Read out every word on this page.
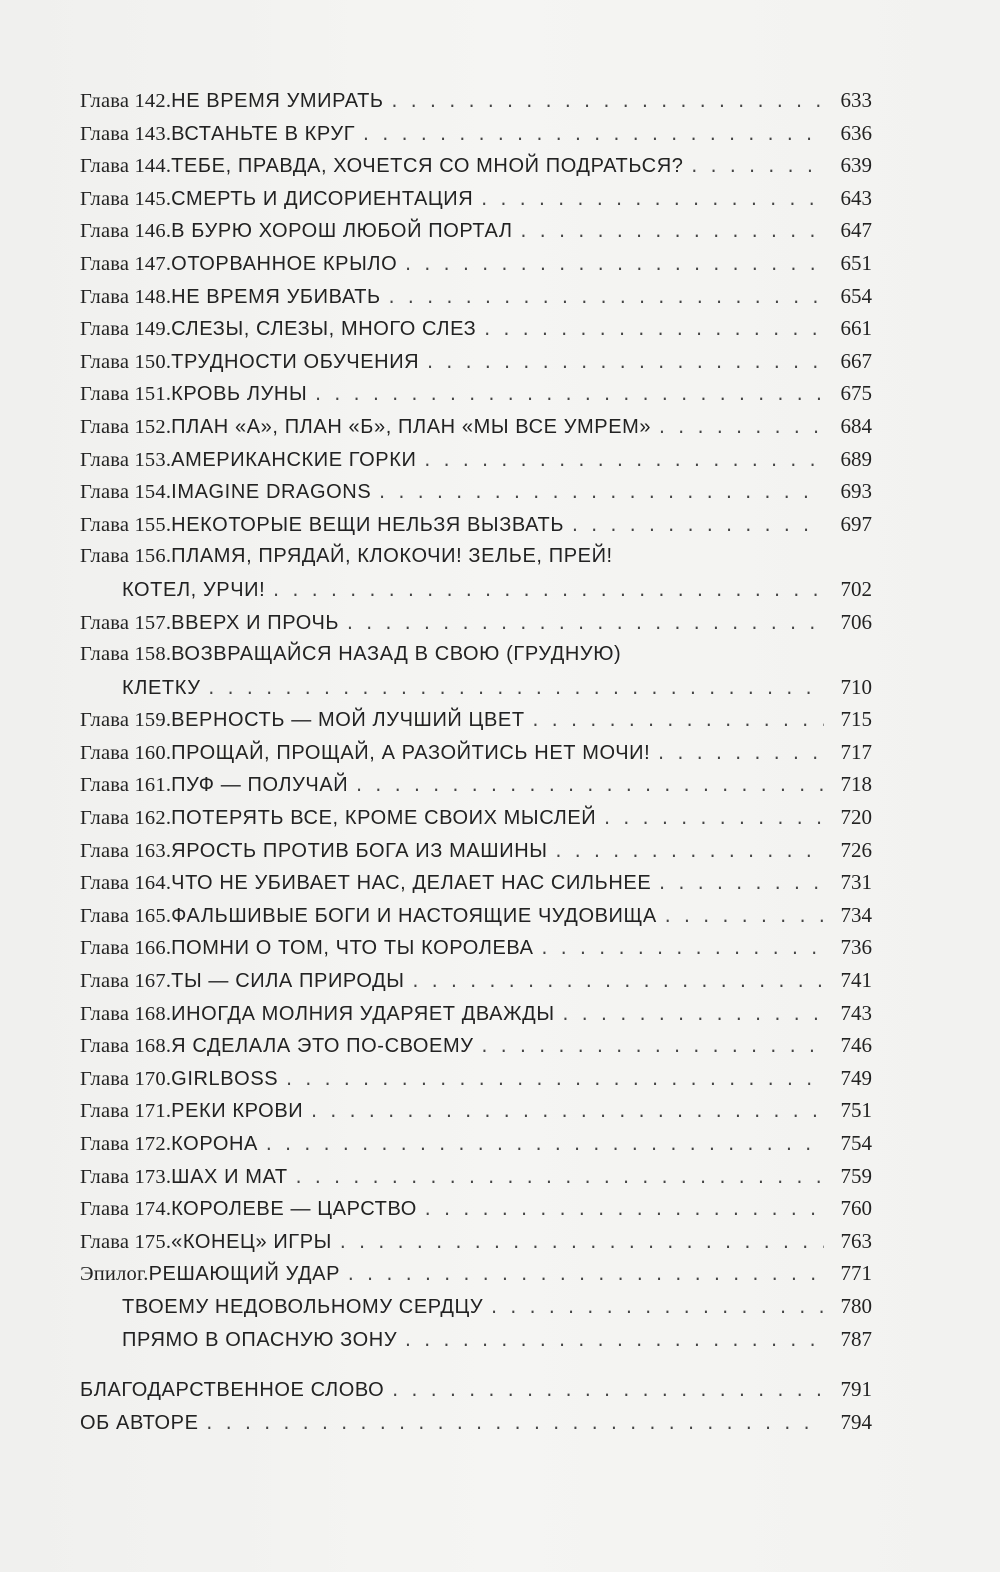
Глава 142. НЕ ВРЕМЯ УМИРАТЬ . . .	633
Глава 143. ВСТАНЬТЕ В КРУГ . . .	636
Глава 144. ТЕБЕ, ПРАВДА, ХОЧЕТСЯ СО МНОЙ ПОДРАТЬСЯ? . . .	639
Глава 145. СМЕРТЬ И ДИСОРИЕНТАЦИЯ . . .	643
Глава 146. В БУРЮ ХОРОШ ЛЮБОЙ ПОРТАЛ . . .	647
Глава 147. ОТОРВАННОЕ КРЫЛО . . .	651
Глава 148. НЕ ВРЕМЯ УБИВАТЬ . . .	654
Глава 149. СЛЕЗЫ, СЛЕЗЫ, МНОГО СЛЕЗ . . .	661
Глава 150. ТРУДНОСТИ ОБУЧЕНИЯ . . .	667
Глава 151. КРОВЬ ЛУНЫ . . .	675
Глава 152. ПЛАН «А», ПЛАН «Б», ПЛАН «МЫ ВСЕ УМРЕМ» . . .	684
Глава 153. АМЕРИКАНСКИЕ ГОРКИ . . .	689
Глава 154. IMAGINE DRAGONS . . .	693
Глава 155. НЕКОТОРЫЕ ВЕЩИ НЕЛЬЗЯ ВЫЗВАТЬ . . .	697
Глава 156. ПЛАМЯ, ПРЯДАЙ, КЛОКОЧИ! ЗЕЛЬЕ, ПРЕЙ!
КОТЕЛ, УРЧИ! . . .	702
Глава 157. ВВЕРХ И ПРОЧЬ . . .	706
Глава 158. ВОЗВРАЩАЙСЯ НАЗАД В СВОЮ (ГРУДНУЮ)
КЛЕТКУ . . .	710
Глава 159. ВЕРНОСТЬ — МОЙ ЛУЧШИЙ ЦВЕТ . . .	715
Глава 160. ПРОЩАЙ, ПРОЩАЙ, А РАЗОЙТИСЬ НЕТ МОЧИ! . . .	717
Глава 161. ПУФ — ПОЛУЧАЙ . . .	718
Глава 162. ПОТЕРЯТЬ ВСЕ, КРОМЕ СВОИХ МЫСЛЕЙ . . .	720
Глава 163. ЯРОСТЬ ПРОТИВ БОГА ИЗ МАШИНЫ . . .	726
Глава 164. ЧТО НЕ УБИВАЕТ НАС, ДЕЛАЕТ НАС СИЛЬНЕЕ . . .	731
Глава 165. ФАЛЬШИВЫЕ БОГИ И НАСТОЯЩИЕ ЧУДОВИЩА . . .	734
Глава 166. ПОМНИ О ТОМ, ЧТО ТЫ КОРОЛЕВА . . .	736
Глава 167. ТЫ — СИЛА ПРИРОДЫ . . .	741
Глава 168. ИНОГДА МОЛНИЯ УДАРЯЕТ ДВАЖДЫ . . .	743
Глава 168. Я СДЕЛАЛА ЭТО ПО-СВОЕМУ . . .	746
Глава 170. GIRLBOSS . . .	749
Глава 171. РЕКИ КРОВИ . . .	751
Глава 172. КОРОНА . . .	754
Глава 173. ШАХ И МАТ . . .	759
Глава 174. КОРОЛЕВЕ — ЦАРСТВО . . .	760
Глава 175. «КОНЕЦ» ИГРЫ . . .	763
Эпилог. РЕШАЮЩИЙ УДАР . . .	771
ТВОЕМУ НЕДОВОЛЬНОМУ СЕРДЦУ . . .	780
ПРЯМО В ОПАСНУЮ ЗОНУ . . .	787
БЛАГОДАРСТВЕННОЕ СЛОВО . . .	791
ОБ АВТОРЕ . . .	794
